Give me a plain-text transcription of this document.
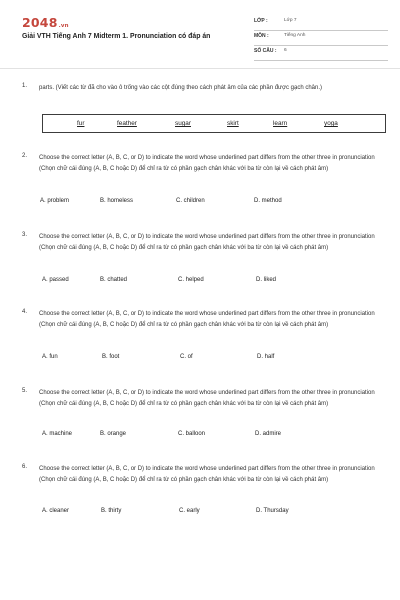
2048.vn
Giải VTH Tiếng Anh 7 Midterm 1. Pronunciation có đáp án
LỚP :	Lớp 7
MÔN :	Tiếng Anh
SỐ CÂU : 6
1. parts. (Viết các từ đã cho vào ô trống vào các cột đúng theo cách phát âm của các phần được gạch chân.)
fur	feather	sugar	skirt	learn	yoga
2. Choose the correct letter (A, B, C, or D) to indicate the word whose underlined part differs from the other three in pronunciation (Chọn chữ cái đúng (A, B, C hoặc D) để chỉ ra từ có phần gạch chân khác với ba từ còn lại về cách phát âm)
A. problem	B. homeless	C. children	D. method
3. Choose the correct letter (A, B, C, or D) to indicate the word whose underlined part differs from the other three in pronunciation (Chọn chữ cái đúng (A, B, C hoặc D) để chỉ ra từ có phần gạch chân khác với ba từ còn lại về cách phát âm)
A. passed	B. chatted	C. helped	D. liked
4. Choose the correct letter (A, B, C, or D) to indicate the word whose underlined part differs from the other three in pronunciation (Chọn chữ cái đúng (A, B, C hoặc D) để chỉ ra từ có phần gạch chân khác với ba từ còn lại về cách phát âm)
A. fun	B. foot	C. of	D. half
5. Choose the correct letter (A, B, C, or D) to indicate the word whose underlined part differs from the other three in pronunciation (Chọn chữ cái đúng (A, B, C hoặc D) để chỉ ra từ có phần gạch chân khác với ba từ còn lại về cách phát âm)
A. machine	B. orange	C. balloon	D. admire
6. Choose the correct letter (A, B, C, or D) to indicate the word whose underlined part differs from the other three in pronunciation (Chọn chữ cái đúng (A, B, C hoặc D) để chỉ ra từ có phần gạch chân khác với ba từ còn lại về cách phát âm)
A. cleaner	B. thirty	C. early	D. Thursday
